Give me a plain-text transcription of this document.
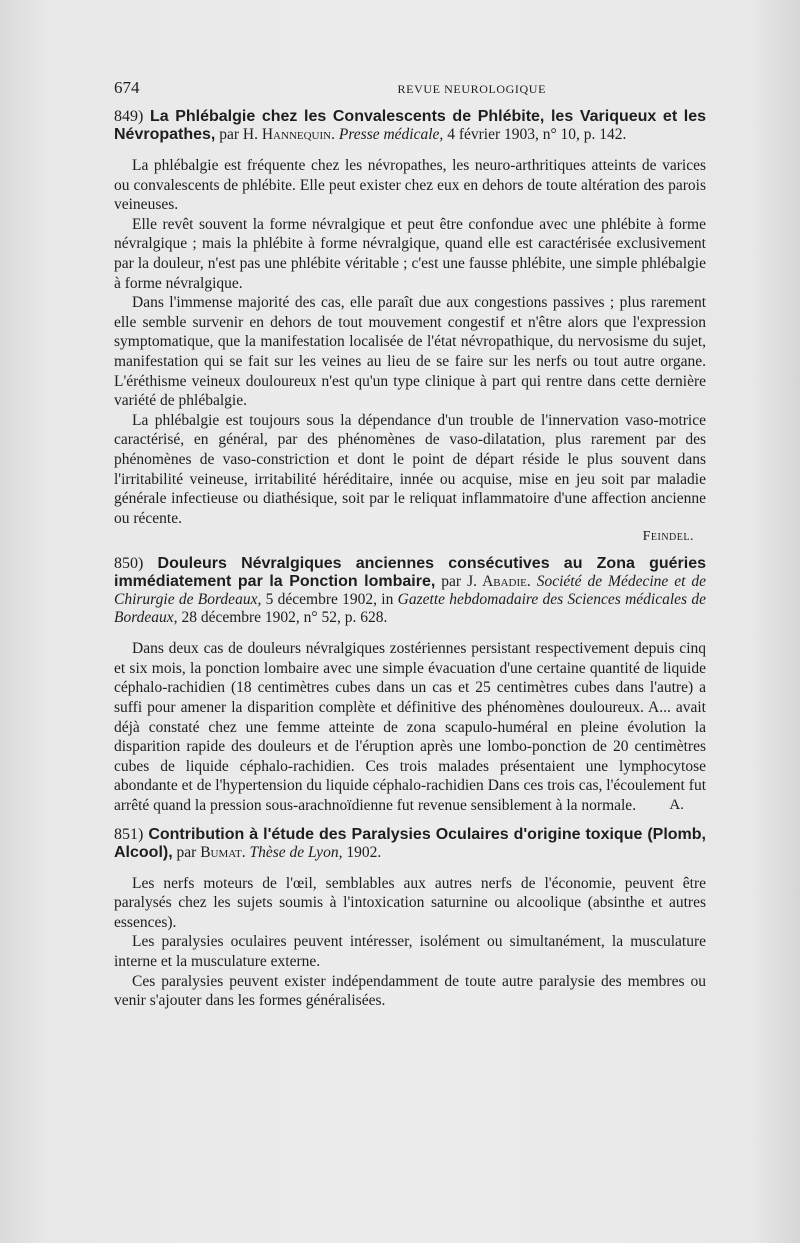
674	REVUE NEUROLOGIQUE

849) La Phlébalgie chez les Convalescents de Phlébite, les Variqueux et les Névropathes, par H. Hannequin. Presse médicale, 4 février 1903, n° 10, p. 142.

La phlébalgie est fréquente chez les névropathes, les neuro-arthritiques atteints de varices ou convalescents de phlébite. Elle peut exister chez eux en dehors de toute altération des parois veineuses.

Elle revêt souvent la forme névralgique et peut être confondue avec une phlébite à forme névralgique ; mais la phlébite à forme névralgique, quand elle est caractérisée exclusivement par la douleur, n'est pas une phlébite véritable ; c'est une fausse phlébite, une simple phlébalgie à forme névralgique.

Dans l'immense majorité des cas, elle paraît due aux congestions passives ; plus rarement elle semble survenir en dehors de tout mouvement congestif et n'être alors que l'expression symptomatique, que la manifestation localisée de l'état névropathique, du nervosisme du sujet, manifestation qui se fait sur les veines au lieu de se faire sur les nerfs ou tout autre organe. L'éréthisme veineux douloureux n'est qu'un type clinique à part qui rentre dans cette dernière variété de phlébalgie.

La phlébalgie est toujours sous la dépendance d'un trouble de l'innervation vaso-motrice caractérisé, en général, par des phénomènes de vaso-dilatation, plus rarement par des phénomènes de vaso-constriction et dont le point de départ réside le plus souvent dans l'irritabilité veineuse, irritabilité héréditaire, innée ou acquise, mise en jeu soit par maladie générale infectieuse ou diathésique, soit par le reliquat inflammatoire d'une affection ancienne ou récente.

Feindel.

850) Douleurs Névralgiques anciennes consécutives au Zona guéries immédiatement par la Ponction lombaire, par J. Abadie. Société de Médecine et de Chirurgie de Bordeaux, 5 décembre 1902, in Gazette hebdomadaire des Sciences médicales de Bordeaux, 28 décembre 1902, n° 52, p. 628.

Dans deux cas de douleurs névralgiques zostériennes persistant respectivement depuis cinq et six mois, la ponction lombaire avec une simple évacuation d'une certaine quantité de liquide céphalo-rachidien (18 centimètres cubes dans un cas et 25 centimètres cubes dans l'autre) a suffi pour amener la disparition complète et définitive des phénomènes douloureux. A... avait déjà constaté chez une femme atteinte de zona scapulo-huméral en pleine évolution la disparition rapide des douleurs et de l'éruption après une lombo-ponction de 20 centimètres cubes de liquide céphalo-rachidien. Ces trois malades présentaient une lymphocytose abondante et de l'hypertension du liquide céphalo-rachidien Dans ces trois cas, l'écoulement fut arrêté quand la pression sous-arachnoïdienne fut revenue sensiblement à la normale.	A.

851) Contribution à l'étude des Paralysies Oculaires d'origine toxique (Plomb, Alcool), par Bumat. Thèse de Lyon, 1902.

Les nerfs moteurs de l'œil, semblables aux autres nerfs de l'économie, peuvent être paralysés chez les sujets soumis à l'intoxication saturnine ou alcoolique (absinthe et autres essences).

Les paralysies oculaires peuvent intéresser, isolément ou simultanément, la musculature interne et la musculature externe.

Ces paralysies peuvent exister indépendamment de toute autre paralysie des membres ou venir s'ajouter dans les formes généralisées.
